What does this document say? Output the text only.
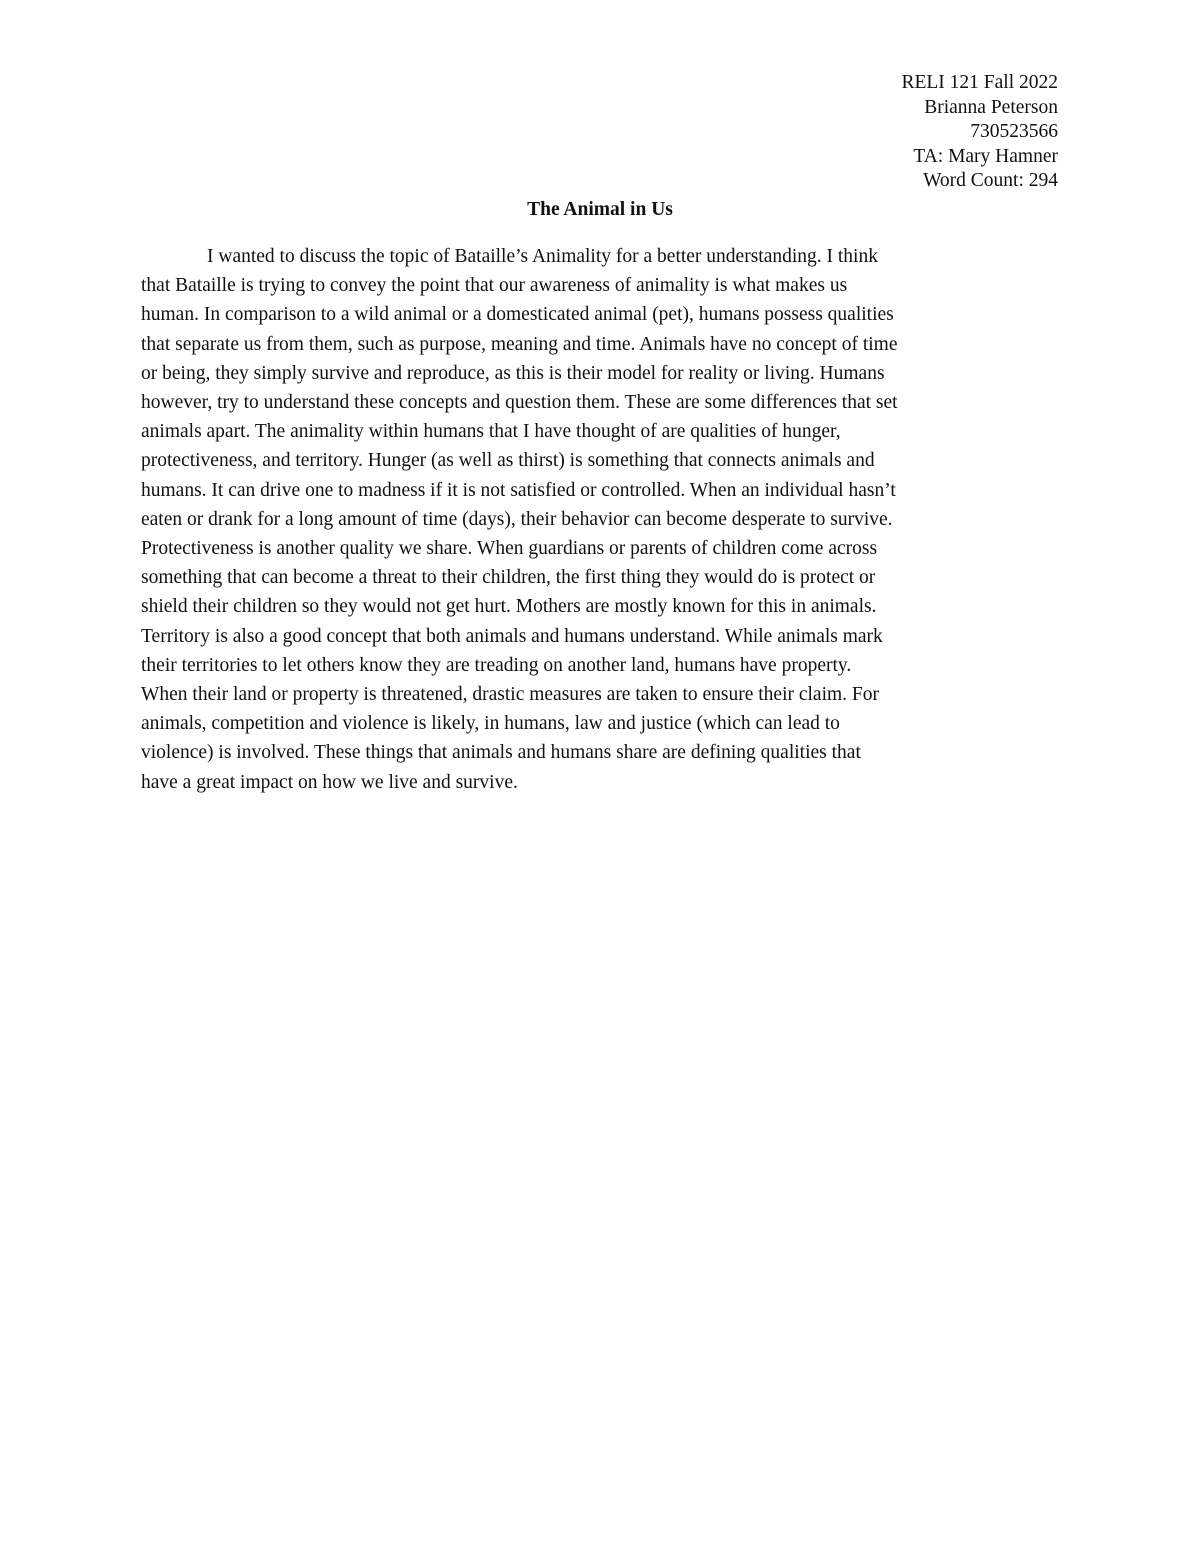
RELI 121 Fall 2022
Brianna Peterson
730523566
TA: Mary Hamner
Word Count: 294
The Animal in Us
I wanted to discuss the topic of Bataille’s Animality for a better understanding. I think
that Bataille is trying to convey the point that our awareness of animality is what makes us
human. In comparison to a wild animal or a domesticated animal (pet), humans possess qualities
that separate us from them, such as purpose, meaning and time. Animals have no concept of time
or being, they simply survive and reproduce, as this is their model for reality or living. Humans
however, try to understand these concepts and question them. These are some differences that set
animals apart. The animality within humans that I have thought of are qualities of hunger,
protectiveness, and territory. Hunger (as well as thirst) is something that connects animals and
humans. It can drive one to madness if it is not satisfied or controlled. When an individual hasn’t
eaten or drank for a long amount of time (days), their behavior can become desperate to survive.
Protectiveness is another quality we share. When guardians or parents of children come across
something that can become a threat to their children, the first thing they would do is protect or
shield their children so they would not get hurt. Mothers are mostly known for this in animals.
Territory is also a good concept that both animals and humans understand. While animals mark
their territories to let others know they are treading on another land, humans have property.
When their land or property is threatened, drastic measures are taken to ensure their claim. For
animals, competition and violence is likely, in humans, law and justice (which can lead to
violence) is involved. These things that animals and humans share are defining qualities that
have a great impact on how we live and survive.
